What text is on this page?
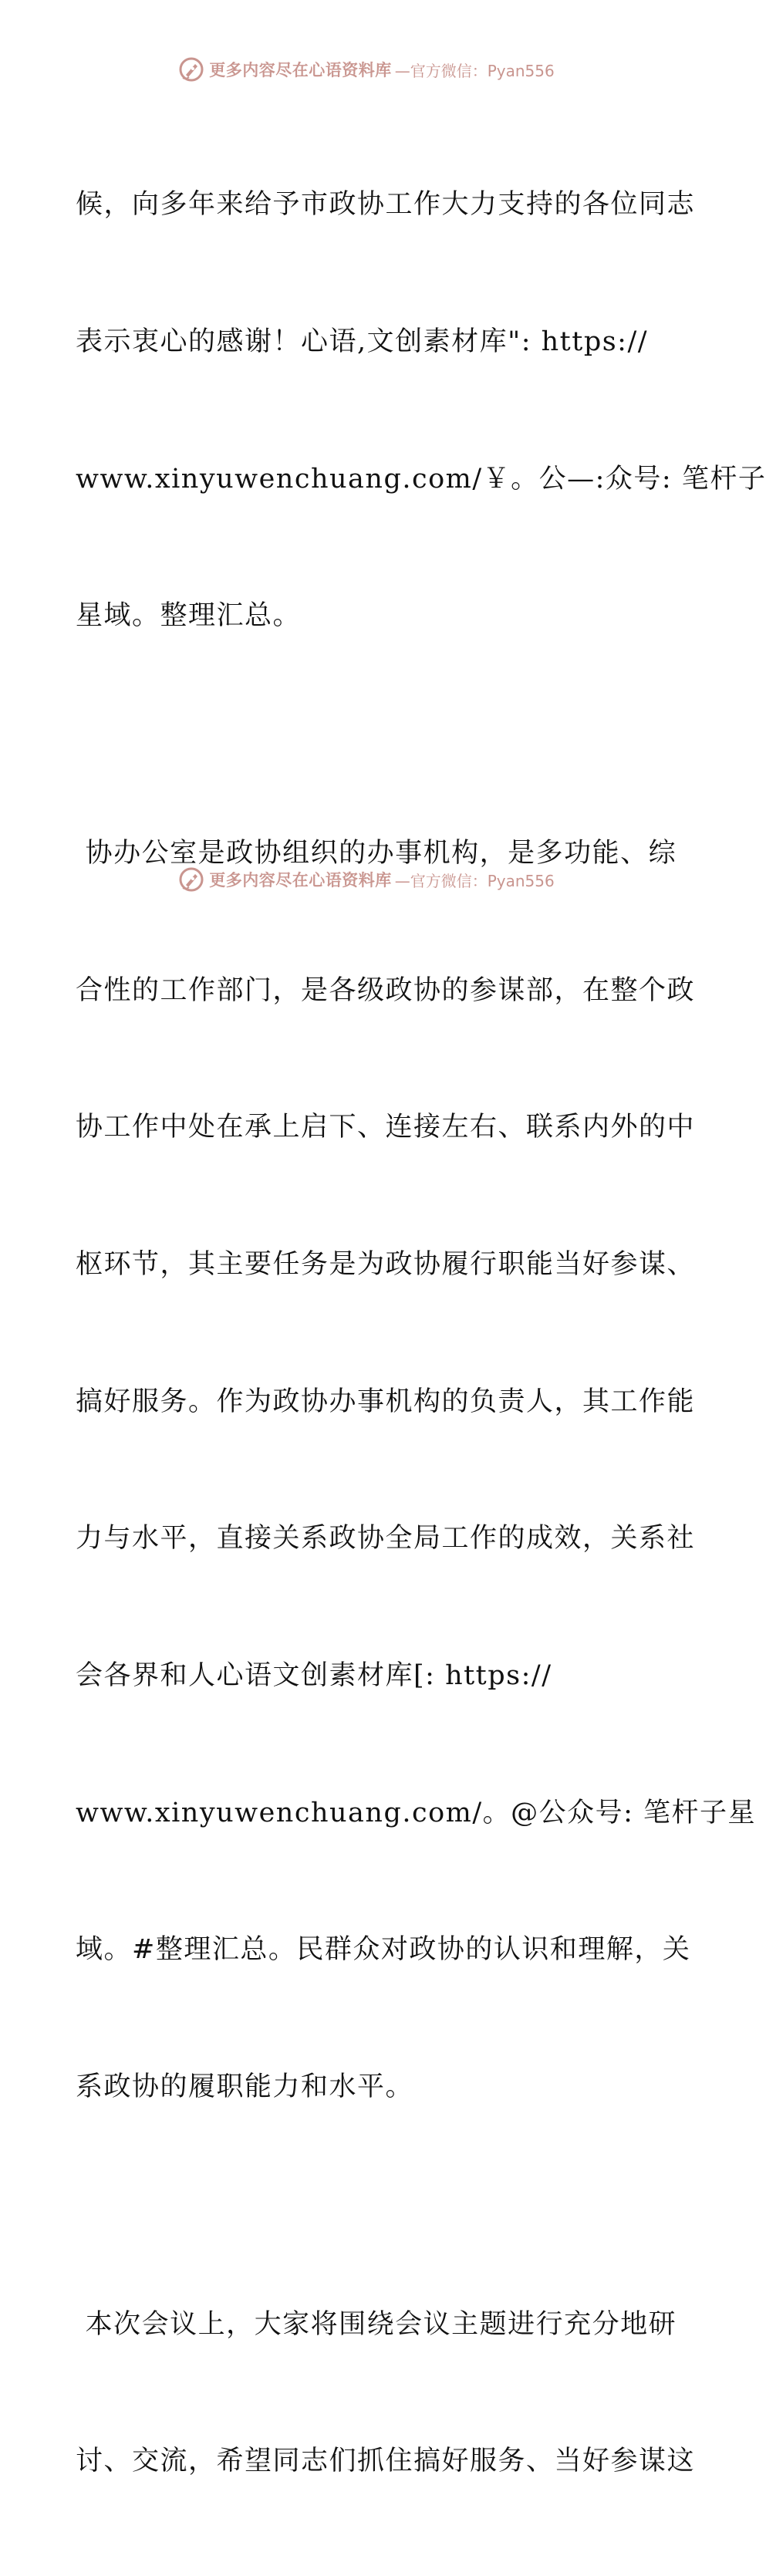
更多内容尽在心语资料库 —官方微信：Pyan556

候，向多年来给予市政协工作大力支持的各位同志

表示衷心的感谢！心语,文创素材库": https://

www.xinyuwenchuang.com/￥。公—:众号: 笔杆子

星域。整理汇总。

协办公室是政协组织的办事机构，是多功能、综

合性的工作部门，是各级政协的参谋部，在整个政

协工作中处在承上启下、连接左右、联系内外的中

枢环节，其主要任务是为政协履行职能当好参谋、

搞好服务。作为政协办事机构的负责人，其工作能

力与水平，直接关系政协全局工作的成效，关系社

会各界和人心语文创素材库[: https://

www.xinyuwenchuang.com/。@公众号: 笔杆子星

域。#整理汇总。民群众对政协的认识和理解，关

系政协的履职能力和水平。

本次会议上，大家将围绕会议主题进行充分地研

讨、交流，希望同志们抓住搞好服务、当好参谋这

更多内容尽在心语资料库 —官方微信：Pyan556
